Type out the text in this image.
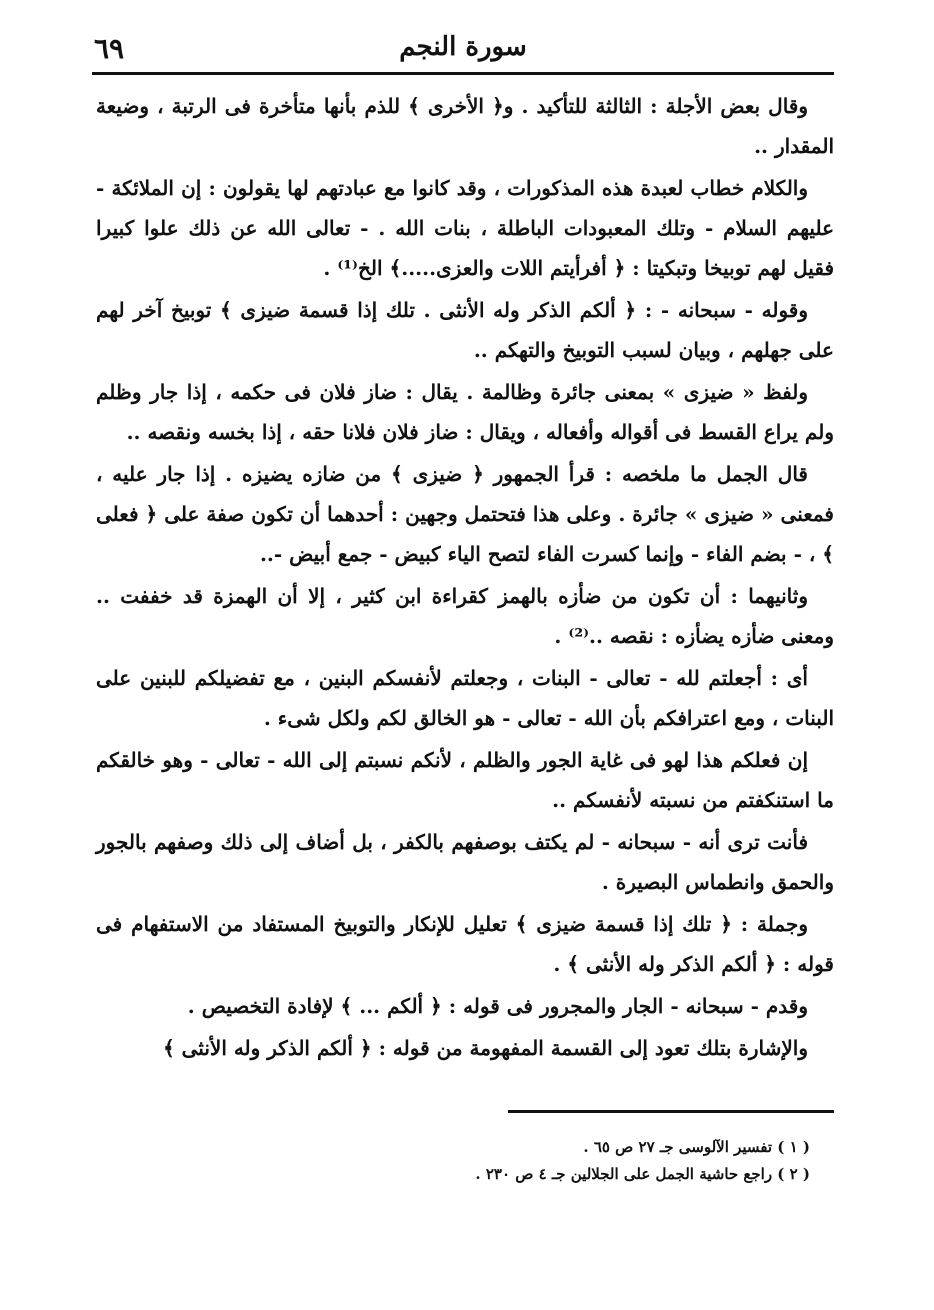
٦٩	سورة النجم

وقال بعض الأجلة : الثالثة للتأكيد . و﴿ الأخرى ﴾ للذم بأنها متأخرة فى الرتبة ، وضيعة المقدار ..

والكلام خطاب لعبدة هذه المذكورات ، وقد كانوا مع عبادتهم لها يقولون : إن الملائكة - عليهم السلام - وتلك المعبودات الباطلة ، بنات الله . - تعالى الله عن ذلك علوا كبيرا فقيل لهم توبيخا وتبكيتا : ﴿ أفرأيتم اللات والعزى.....﴾ الخ⁽¹⁾ .

وقوله - سبحانه - : ﴿ ألكم الذكر وله الأنثى . تلك إذا قسمة ضيزى ﴾ توبيخ آخر لهم على جهلهم ، وبيان لسبب التوبيخ والتهكم ..

ولفظ « ضيزى » بمعنى جائرة وظالمة . يقال : ضاز فلان فى حكمه ، إذا جار وظلم ولم يراع القسط فى أقواله وأفعاله ، ويقال : ضاز فلان فلانا حقه ، إذا بخسه ونقصه ..

قال الجمل ما ملخصه : قرأ الجمهور ﴿ ضيزى ﴾ من ضازه يضيزه . إذا جار عليه ، فمعنى « ضيزى » جائرة . وعلى هذا فتحتمل وجهين : أحدهما أن تكون صفة على ﴿ فعلى ﴾ ، - بضم الفاء - وإنما كسرت الفاء لتصح الياء كبيض - جمع أبيض -..

وثانيهما : أن تكون من ضأزه بالهمز كقراءة ابن كثير ، إلا أن الهمزة قد خففت .. ومعنى ضأزه يضأزه : نقصه ..⁽²⁾ .

أى : أجعلتم لله - تعالى - البنات ، وجعلتم لأنفسكم البنين ، مع تفضيلكم للبنين على البنات ، ومع اعترافكم بأن الله - تعالى - هو الخالق لكم ولكل شىء .

إن فعلكم هذا لهو فى غاية الجور والظلم ، لأنكم نسبتم إلى الله - تعالى - وهو خالقكم ما استنكفتم من نسبته لأنفسكم ..

فأنت ترى أنه - سبحانه - لم يكتف بوصفهم بالكفر ، بل أضاف إلى ذلك وصفهم بالجور والحمق وانطماس البصيرة .

وجملة : ﴿ تلك إذا قسمة ضيزى ﴾ تعليل للإنكار والتوبيخ المستفاد من الاستفهام فى قوله : ﴿ ألكم الذكر وله الأنثى ﴾ .

وقدم - سبحانه - الجار والمجرور فى قوله : ﴿ ألكم ... ﴾ لإفادة التخصيص .

والإشارة بتلك تعود إلى القسمة المفهومة من قوله : ﴿ ألكم الذكر وله الأنثى ﴾

( ١ ) تفسير الآلوسى جـ ٢٧ ص ٦٥ .

( ٢ ) راجع حاشية الجمل على الجلالين جـ ٤ ص ٢٣٠ .
